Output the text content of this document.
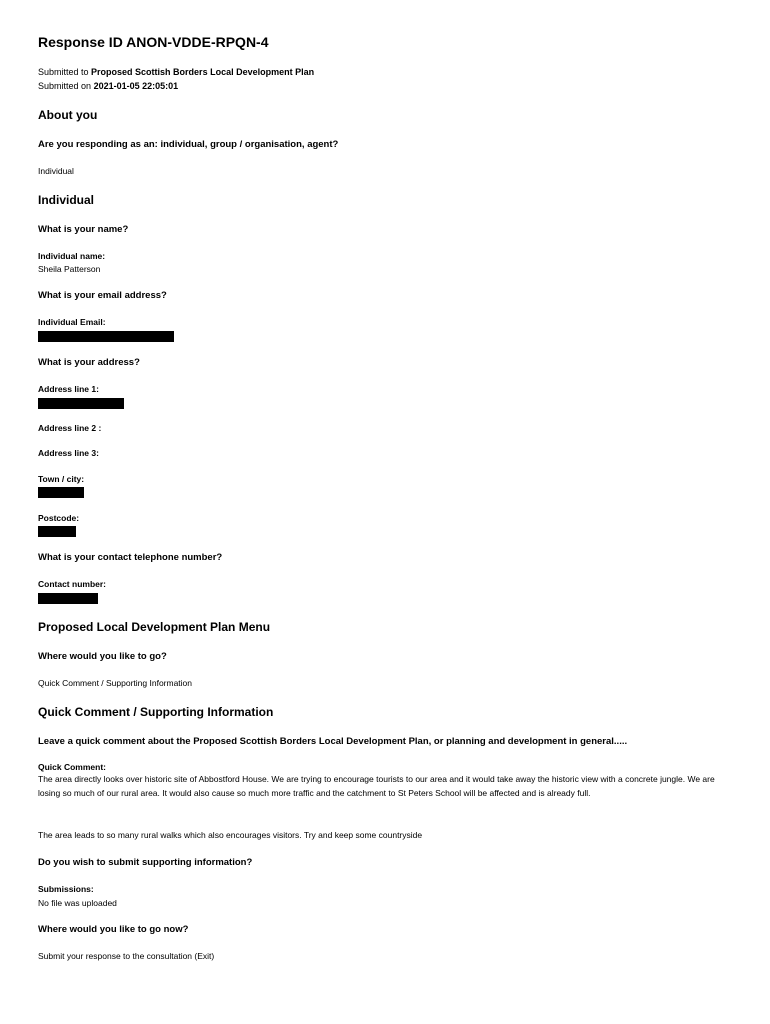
Response ID ANON-VDDE-RPQN-4
Submitted to Proposed Scottish Borders Local Development Plan
Submitted on 2021-01-05 22:05:01
About you
Are you responding as an: individual, group / organisation, agent?
Individual
Individual
What is your name?
Individual name:
Sheila Patterson
What is your email address?
Individual Email:
What is your address?
Address line 1:
Address line 2 :
Address line 3:
Town / city:
Postcode:
What is your contact telephone number?
Contact number:
Proposed Local Development Plan Menu
Where would you like to go?
Quick Comment / Supporting Information
Quick Comment / Supporting Information
Leave a quick comment about the Proposed Scottish Borders Local Development Plan, or planning and development in general.....
Quick Comment:
The area directly looks over historic site of Abbostford House. We are trying to encourage tourists to our area and it would take away the historic view with a concrete jungle. We are losing so much of our rural area. It would also cause so much more traffic and the catchment to St Peters School will be affected and is already full.
The area leads to so many rural walks which also encourages visitors. Try and keep some countryside
Do you wish to submit supporting information?
Submissions:
No file was uploaded
Where would you like to go now?
Submit your response to the consultation (Exit)
